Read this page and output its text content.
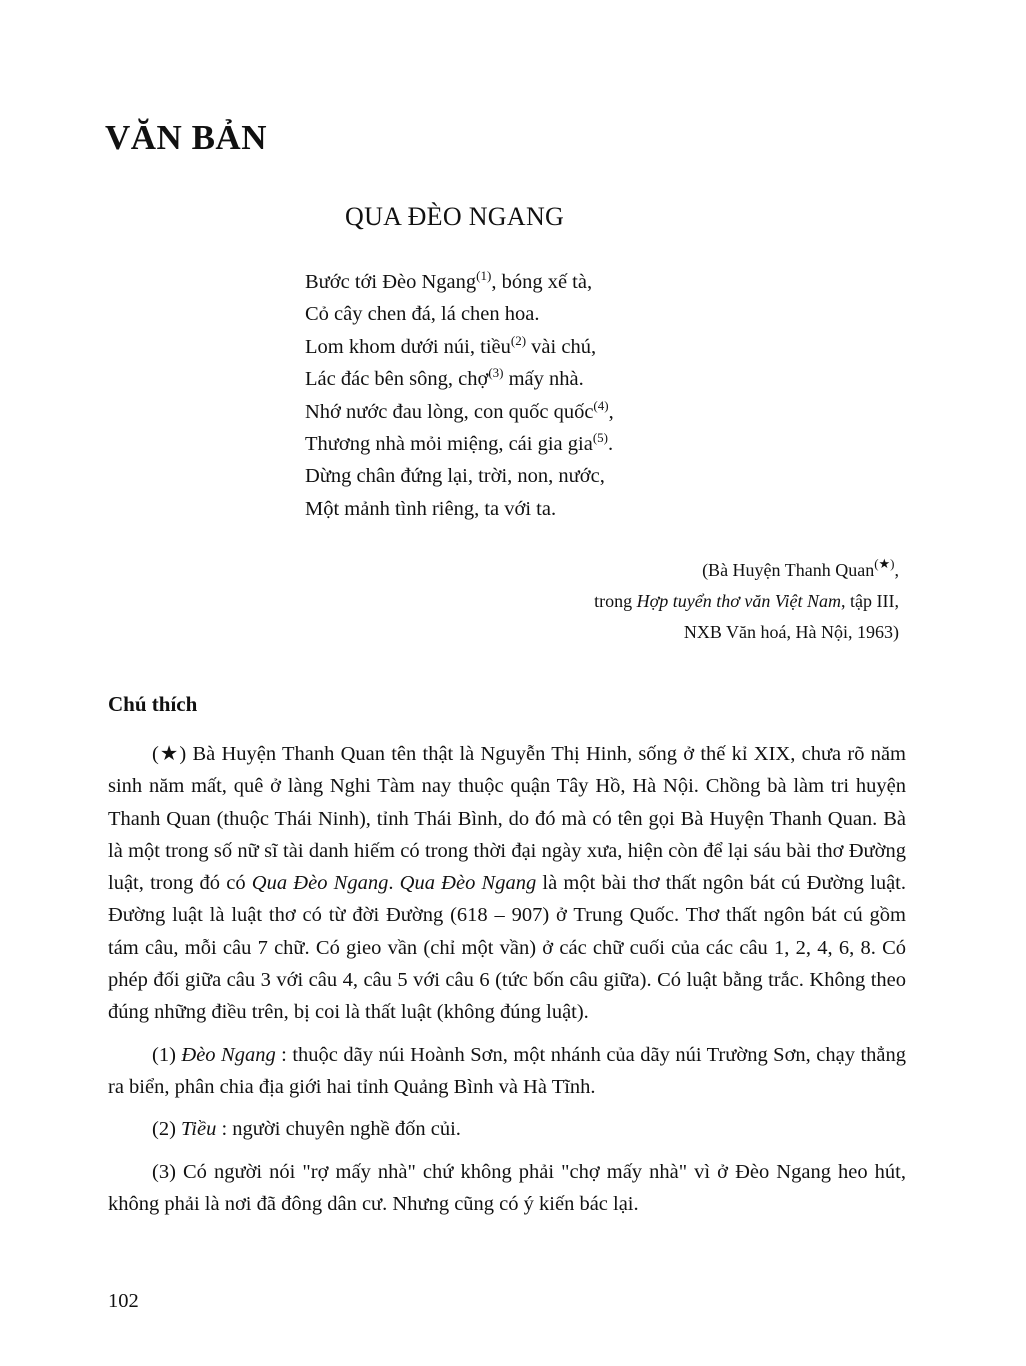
VĂN BẢN
QUA ĐÈO NGANG
Bước tới Đèo Ngang$^{(1)}$, bóng xế tà,
Cỏ cây chen đá, lá chen hoa.
Lom khom dưới núi, tiều$^{(2)}$ vài chú,
Lác đác bên sông, chợ$^{(3)}$ mấy nhà.
Nhớ nước đau lòng, con quốc quốc$^{(4)}$,
Thương nhà mỏi miệng, cái gia gia$^{(5)}$.
Dừng chân đứng lại, trời, non, nước,
Một mảnh tình riêng, ta với ta.
(Bà Huyện Thanh Quan(★),
trong Hợp tuyển thơ văn Việt Nam, tập III,
NXB Văn hoá, Hà Nội, 1963)
Chú thích

(★) Bà Huyện Thanh Quan tên thật là Nguyễn Thị Hinh, sống ở thế kỉ XIX, chưa rõ năm sinh năm mất, quê ở làng Nghi Tàm nay thuộc quận Tây Hồ, Hà Nội. Chồng bà làm tri huyện Thanh Quan (thuộc Thái Ninh), tỉnh Thái Bình, do đó mà có tên gọi Bà Huyện Thanh Quan. Bà là một trong số nữ sĩ tài danh hiếm có trong thời đại ngày xưa, hiện còn để lại sáu bài thơ Đường luật, trong đó có Qua Đèo Ngang. Qua Đèo Ngang là một bài thơ thất ngôn bát cú Đường luật. Đường luật là luật thơ có từ đời Đường (618 – 907) ở Trung Quốc. Thơ thất ngôn bát cú gồm tám câu, mỗi câu 7 chữ. Có gieo vần (chỉ một vần) ở các chữ cuối của các câu 1, 2, 4, 6, 8. Có phép đối giữa câu 3 với câu 4, câu 5 với câu 6 (tức bốn câu giữa). Có luật bằng trắc. Không theo đúng những điều trên, bị coi là thất luật (không đúng luật).

(1) Đèo Ngang : thuộc dãy núi Hoành Sơn, một nhánh của dãy núi Trường Sơn, chạy thẳng ra biển, phân chia địa giới hai tỉnh Quảng Bình và Hà Tĩnh.

(2) Tiều : người chuyên nghề đốn củi.

(3) Có người nói "rợ mấy nhà" chứ không phải "chợ mấy nhà" vì ở Đèo Ngang heo hút, không phải là nơi đã đông dân cư. Nhưng cũng có ý kiến bác lại.

102
